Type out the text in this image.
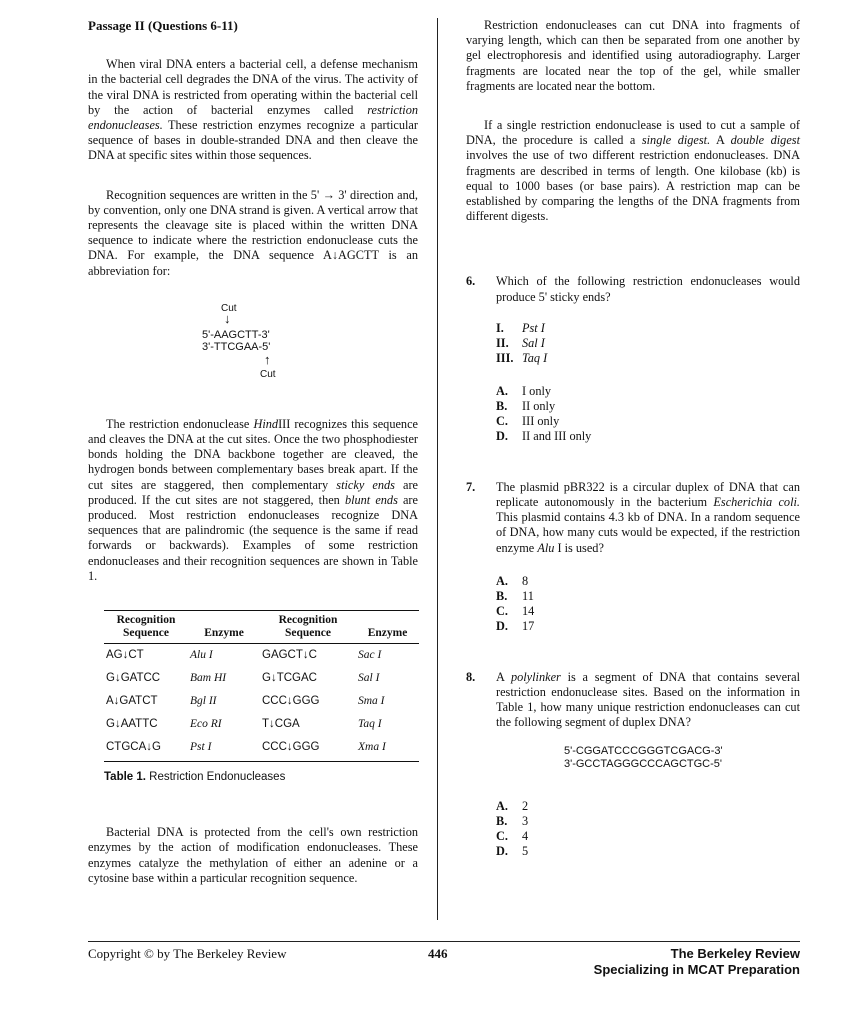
Passage II (Questions 6-11)

When viral DNA enters a bacterial cell, a defense mechanism in the bacterial cell degrades the DNA of the virus. The activity of the viral DNA is restricted from operating within the bacterial cell by the action of bacterial enzymes called restriction endonucleases. These restriction enzymes recognize a particular sequence of bases in double-stranded DNA and then cleave the DNA at specific sites within those sequences.

Recognition sequences are written in the 5' → 3' direction and, by convention, only one DNA strand is given. A vertical arrow that represents the cleavage site is placed within the written DNA sequence to indicate where the restriction endonuclease cuts the DNA. For example, the DNA sequence A↓AGCTT is an abbreviation for:

Cut
↓
5'-AAGCTT-3'
3'-TTCGAA-5'
↑
Cut

The restriction endonuclease HindIII recognizes this sequence and cleaves the DNA at the cut sites. Once the two phosphodiester bonds holding the DNA backbone together are cleaved, the hydrogen bonds between complementary bases break apart. If the cut sites are staggered, then complementary sticky ends are produced. If the cut sites are not staggered, then blunt ends are produced. Most restriction endonucleases recognize DNA sequences that are palindromic (the sequence is the same if read forwards or backwards). Examples of some restriction endonucleases and their recognition sequences are shown in Table 1.

Recognition Sequence	Enzyme	Recognition Sequence	Enzyme
AG↓CT	Alu I	GAGCT↓C	Sac I
G↓GATCC	Bam HI	G↓TCGAC	Sal I
A↓GATCT	Bgl II	CCC↓GGG	Sma I
G↓AATTC	Eco RI	T↓CGA	Taq I
CTGCA↓G	Pst I	CCC↓GGG	Xma I
Table 1. Restriction Endonucleases

Bacterial DNA is protected from the cell's own restriction enzymes by the action of modification endonucleases. These enzymes catalyze the methylation of either an adenine or a cytosine base within a particular recognition sequence.

Restriction endonucleases can cut DNA into fragments of varying length, which can then be separated from one another by gel electrophoresis and identified using autoradiography. Larger fragments are located near the top of the gel, while smaller fragments are located near the bottom.

If a single restriction endonuclease is used to cut a sample of DNA, the procedure is called a single digest. A double digest involves the use of two different restriction endonucleases. DNA fragments are described in terms of length. One kilobase (kb) is equal to 1000 bases (or base pairs). A restriction map can be established by comparing the lengths of the DNA fragments from different digests.

6. Which of the following restriction endonucleases would produce 5' sticky ends?
I. Pst I
II. Sal I
III. Taq I
A. I only
B. II only
C. III only
D. II and III only
7. The plasmid pBR322 is a circular duplex of DNA that can replicate autonomously in the bacterium Escherichia coli. This plasmid contains 4.3 kb of DNA. In a random sequence of DNA, how many cuts would be expected, if the restriction enzyme Alu I is used?
A. 8
B. 11
C. 14
D. 17
8. A polylinker is a segment of DNA that contains several restriction endonuclease sites. Based on the information in Table 1, how many unique restriction endonucleases can cut the following segment of duplex DNA?
5'-CGGATCCCGGGTCGACG-3'
3'-GCCTAGGGCCCAGCTGC-5'
A. 2
B. 3
C. 4
D. 5
Copyright © by The Berkeley Review	446	The Berkeley Review
Specializing in MCAT Preparation
